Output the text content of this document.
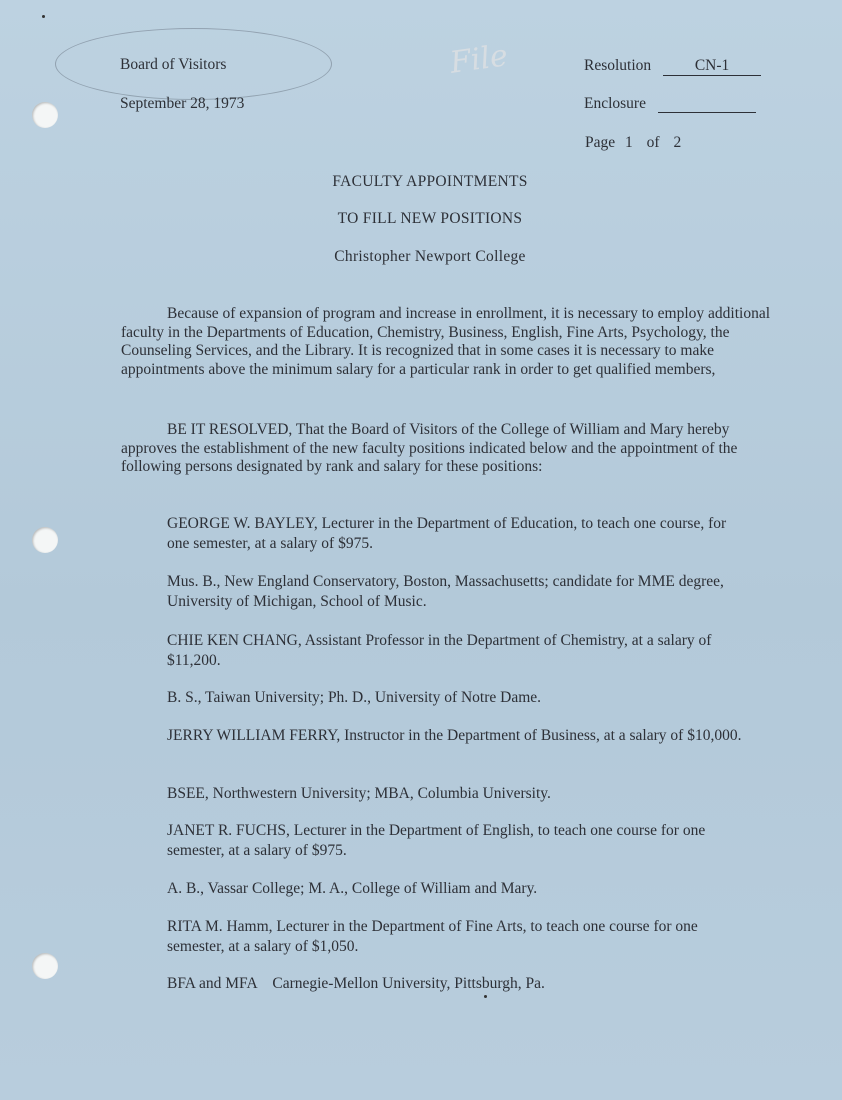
File
Board of Visitors
September 28, 1973
Resolution	CN-1
Enclosure
Page 1 of 2
FACULTY APPOINTMENTS
TO FILL NEW POSITIONS
Christopher Newport College

Because of expansion of program and increase in enrollment, it is necessary to employ additional faculty in the Departments of Education, Chemistry, Business, English, Fine Arts, Psychology, the Counseling Services, and the Library. It is recognized that in some cases it is necessary to make appointments above the minimum salary for a particular rank in order to get qualified members,

BE IT RESOLVED, That the Board of Visitors of the College of William and Mary hereby approves the establishment of the new faculty positions indicated below and the appointment of the following persons designated by rank and salary for these positions:

GEORGE W. BAYLEY, Lecturer in the Department of Education, to teach one course, for one semester, at a salary of $975.

Mus. B., New England Conservatory, Boston, Massachusetts; candidate for MME degree, University of Michigan, School of Music.

CHIE KEN CHANG, Assistant Professor in the Department of Chemistry, at a salary of $11,200.

B. S., Taiwan University; Ph. D., University of Notre Dame.

JERRY WILLIAM FERRY, Instructor in the Department of Business, at a salary of $10,000.

BSEE, Northwestern University; MBA, Columbia University.

JANET R. FUCHS, Lecturer in the Department of English, to teach one course for one semester, at a salary of $975.

A. B., Vassar College; M. A., College of William and Mary.

RITA M. Hamm, Lecturer in the Department of Fine Arts, to teach one course for one semester, at a salary of $1,050.

BFA and MFA    Carnegie-Mellon University, Pittsburgh, Pa.
